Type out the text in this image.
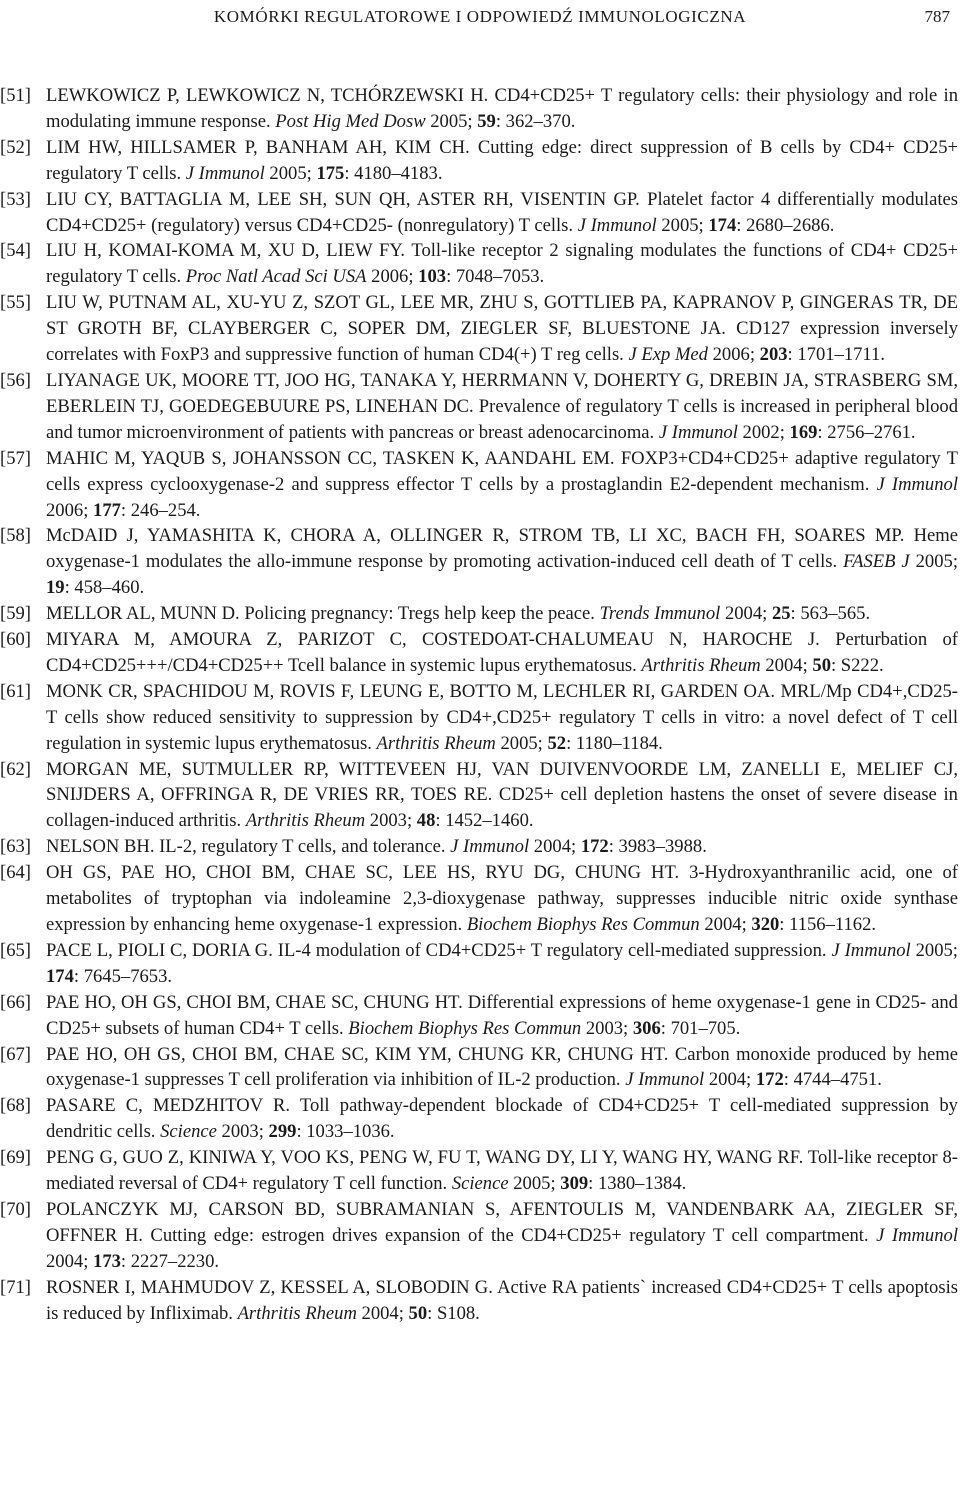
KOMÓRKI REGULATOROWE I ODPOWIEDŹ IMMUNOLOGICZNA	787
[51] LEWKOWICZ P, LEWKOWICZ N, TCHÓRZEWSKI H. CD4+CD25+ T regulatory cells: their physiology and role in modulating immune response. Post Hig Med Dosw 2005; 59: 362–370.
[52] LIM HW, HILLSAMER P, BANHAM AH, KIM CH. Cutting edge: direct suppression of B cells by CD4+ CD25+ regulatory T cells. J Immunol 2005; 175: 4180–4183.
[53] LIU CY, BATTAGLIA M, LEE SH, SUN QH, ASTER RH, VISENTIN GP. Platelet factor 4 differentially modulates CD4+CD25+ (regulatory) versus CD4+CD25- (nonregulatory) T cells. J Immunol 2005; 174: 2680–2686.
[54] LIU H, KOMAI-KOMA M, XU D, LIEW FY. Toll-like receptor 2 signaling modulates the functions of CD4+ CD25+ regulatory T cells. Proc Natl Acad Sci USA 2006; 103: 7048–7053.
[55] LIU W, PUTNAM AL, XU-YU Z, SZOT GL, LEE MR, ZHU S, GOTTLIEB PA, KAPRANOV P, GINGERAS TR, DE ST GROTH BF, CLAYBERGER C, SOPER DM, ZIEGLER SF, BLUESTONE JA. CD127 expression inversely correlates with FoxP3 and suppressive function of human CD4(+) T reg cells. J Exp Med 2006; 203: 1701–1711.
[56] LIYANAGE UK, MOORE TT, JOO HG, TANAKA Y, HERRMANN V, DOHERTY G, DREBIN JA, STRASBERG SM, EBERLEIN TJ, GOEDEGEBUURE PS, LINEHAN DC. Prevalence of regulatory T cells is increased in peripheral blood and tumor microenvironment of patients with pancreas or breast adenocarcinoma. J Immunol 2002; 169: 2756–2761.
[57] MAHIC M, YAQUB S, JOHANSSON CC, TASKEN K, AANDAHL EM. FOXP3+CD4+CD25+ adaptive regulatory T cells express cyclooxygenase-2 and suppress effector T cells by a prostaglandin E2-dependent mechanism. J Immunol 2006; 177: 246–254.
[58] McDAID J, YAMASHITA K, CHORA A, OLLINGER R, STROM TB, LI XC, BACH FH, SOARES MP. Heme oxygenase-1 modulates the allo-immune response by promoting activation-induced cell death of T cells. FASEB J 2005; 19: 458–460.
[59] MELLOR AL, MUNN D. Policing pregnancy: Tregs help keep the peace. Trends Immunol 2004; 25: 563–565.
[60] MIYARA M, AMOURA Z, PARIZOT C, COSTEDOAT-CHALUMEAU N, HAROCHE J. Perturbation of CD4+CD25+++/CD4+CD25++ Tcell balance in systemic lupus erythematosus. Arthritis Rheum 2004; 50: S222.
[61] MONK CR, SPACHIDOU M, ROVIS F, LEUNG E, BOTTO M, LECHLER RI, GARDEN OA. MRL/Mp CD4+,CD25- T cells show reduced sensitivity to suppression by CD4+,CD25+ regulatory T cells in vitro: a novel defect of T cell regulation in systemic lupus erythematosus. Arthritis Rheum 2005; 52: 1180–1184.
[62] MORGAN ME, SUTMULLER RP, WITTEVEEN HJ, VAN DUIVENVOORDE LM, ZANELLI E, MELIEF CJ, SNIJDERS A, OFFRINGA R, DE VRIES RR, TOES RE. CD25+ cell depletion hastens the onset of severe disease in collagen-induced arthritis. Arthritis Rheum 2003; 48: 1452–1460.
[63] NELSON BH. IL-2, regulatory T cells, and tolerance. J Immunol 2004; 172: 3983–3988.
[64] OH GS, PAE HO, CHOI BM, CHAE SC, LEE HS, RYU DG, CHUNG HT. 3-Hydroxyanthranilic acid, one of metabolites of tryptophan via indoleamine 2,3-dioxygenase pathway, suppresses inducible nitric oxide synthase expression by enhancing heme oxygenase-1 expression. Biochem Biophys Res Commun 2004; 320: 1156–1162.
[65] PACE L, PIOLI C, DORIA G. IL-4 modulation of CD4+CD25+ T regulatory cell-mediated suppression. J Immunol 2005; 174: 7645–7653.
[66] PAE HO, OH GS, CHOI BM, CHAE SC, CHUNG HT. Differential expressions of heme oxygenase-1 gene in CD25- and CD25+ subsets of human CD4+ T cells. Biochem Biophys Res Commun 2003; 306: 701–705.
[67] PAE HO, OH GS, CHOI BM, CHAE SC, KIM YM, CHUNG KR, CHUNG HT. Carbon monoxide produced by heme oxygenase-1 suppresses T cell proliferation via inhibition of IL-2 production. J Immunol 2004; 172: 4744–4751.
[68] PASARE C, MEDZHITOV R. Toll pathway-dependent blockade of CD4+CD25+ T cell-mediated suppression by dendritic cells. Science 2003; 299: 1033–1036.
[69] PENG G, GUO Z, KINIWA Y, VOO KS, PENG W, FU T, WANG DY, LI Y, WANG HY, WANG RF. Toll-like receptor 8-mediated reversal of CD4+ regulatory T cell function. Science 2005; 309: 1380–1384.
[70] POLANCZYK MJ, CARSON BD, SUBRAMANIAN S, AFENTOULIS M, VANDENBARK AA, ZIEGLER SF, OFFNER H. Cutting edge: estrogen drives expansion of the CD4+CD25+ regulatory T cell compartment. J Immunol 2004; 173: 2227–2230.
[71] ROSNER I, MAHMUDOV Z, KESSEL A, SLOBODIN G. Active RA patients` increased CD4+CD25+ T cells apoptosis is reduced by Infliximab. Arthritis Rheum 2004; 50: S108.
